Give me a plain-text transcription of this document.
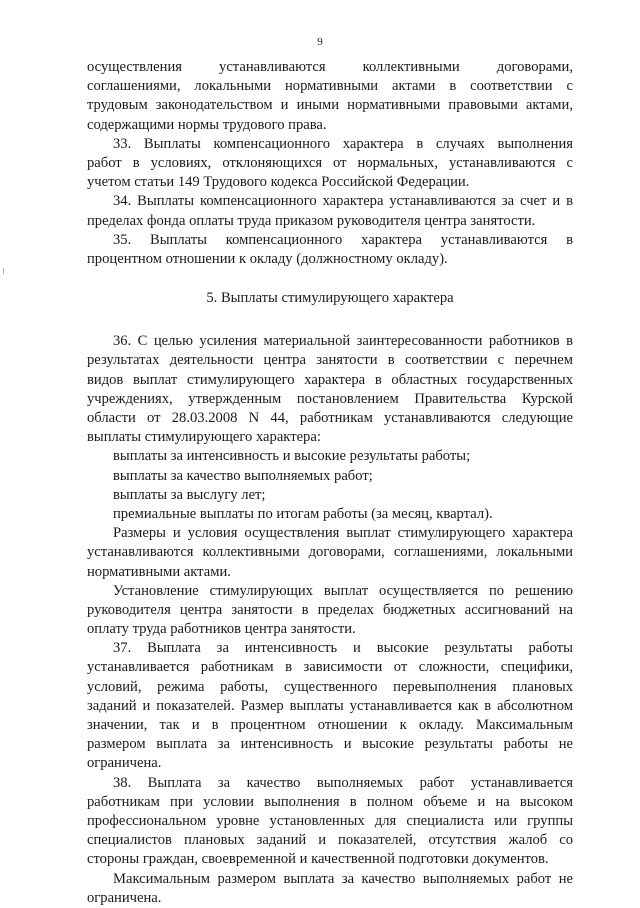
9
осуществления устанавливаются коллективными договорами,
соглашениями, локальными нормативными актами в соответствии с
трудовым законодательством и иными нормативными правовыми актами,
содержащими нормы трудового права.
33. Выплаты компенсационного характера в случаях выполнения
работ в условиях, отклоняющихся от нормальных, устанавливаются с
учетом статьи 149 Трудового кодекса Российской Федерации.
34. Выплаты компенсационного характера устанавливаются за счет и в
пределах фонда оплаты труда приказом руководителя центра занятости.
35. Выплаты компенсационного характера устанавливаются в
процентном отношении к окладу (должностному окладу).
5. Выплаты стимулирующего характера
36. С целью усиления материальной заинтересованности работников в
результатах деятельности центра занятости в соответствии с перечнем
видов выплат стимулирующего характера в областных государственных
учреждениях, утвержденным постановлением Правительства Курской
области от 28.03.2008 N 44, работникам устанавливаются следующие
выплаты стимулирующего характера:
выплаты за интенсивность и высокие результаты работы;
выплаты за качество выполняемых работ;
выплаты за выслугу лет;
премиальные выплаты по итогам работы (за месяц, квартал).
Размеры и условия осуществления выплат стимулирующего характера
устанавливаются коллективными договорами, соглашениями, локальными
нормативными актами.
Установление стимулирующих выплат осуществляется по решению
руководителя центра занятости в пределах бюджетных ассигнований на
оплату труда работников центра занятости.
37. Выплата за интенсивность и высокие результаты работы
устанавливается работникам в зависимости от сложности, специфики,
условий, режима работы, существенного перевыполнения плановых
заданий и показателей. Размер выплаты устанавливается как в абсолютном
значении, так и в процентном отношении к окладу. Максимальным
размером выплата за интенсивность и высокие результаты работы не
ограничена.
38. Выплата за качество выполняемых работ устанавливается
работникам при условии выполнения в полном объеме и на высоком
профессиональном уровне установленных для специалиста или группы
специалистов плановых заданий и показателей, отсутствия жалоб со
стороны граждан, своевременной и качественной подготовки документов.
Максимальным размером выплата за качество выполняемых работ не
ограничена.
